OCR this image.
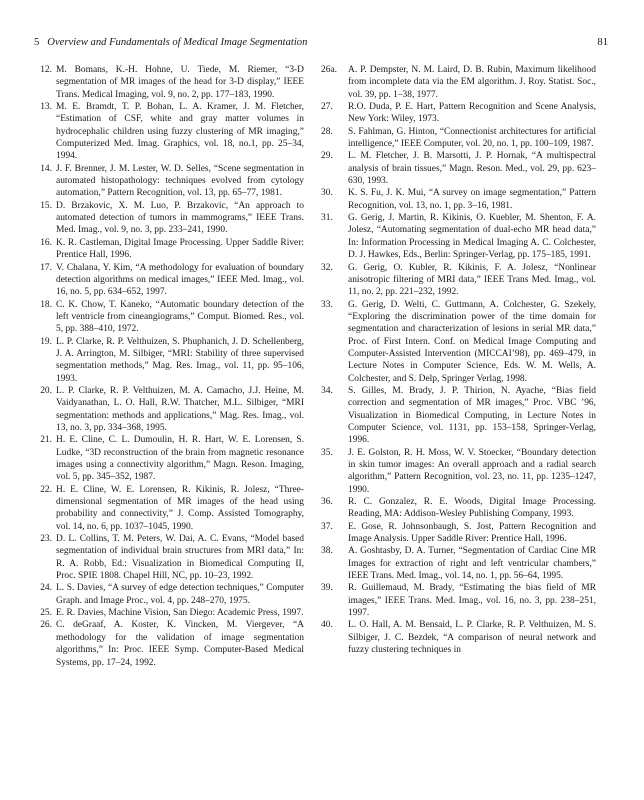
5 Overview and Fundamentals of Medical Image Segmentation	81

12. M. Bomans, K.-H. Hohne, U. Tiede, M. Riemer, “3-D segmentation of MR images of the head for 3-D display,” IEEE Trans. Medical Imaging, vol. 9, no. 2, pp. 177–183, 1990.

13. M. E. Bramdt, T. P. Bohan, L. A. Kramer, J. M. Fletcher, “Estimation of CSF, white and gray matter volumes in hydrocephalic children using fuzzy clustering of MR imaging,” Computerized Med. Imag. Graphics, vol. 18, no.1, pp. 25–34, 1994.

14. J. F. Brenner, J. M. Lester, W. D. Selles, “Scene segmentation in automated histopathology: techniques evolved from cytology automation,” Pattern Recognition, vol. 13, pp. 65–77, 1981.

15. D. Brzakovic, X. M. Luo, P. Brzakovic, “An approach to automated detection of tumors in mammograms,” IEEE Trans. Med. Imag., vol. 9, no. 3, pp. 233–241, 1990.

16. K. R. Castleman, Digital Image Processing. Upper Saddle River: Prentice Hall, 1996.

17. V. Chalana, Y. Kim, “A methodology for evaluation of boundary detection algorithms on medical images,” IEEE Med. Imag., vol. 16, no. 5, pp. 634–652, 1997.

18. C. K. Chow, T. Kaneko, “Automatic boundary detection of the left ventricle from cineangiograms,” Comput. Biomed. Res., vol. 5, pp. 388–410, 1972.

19. L. P. Clarke, R. P. Velthuizen, S. Phuphanich, J. D. Schellenberg, J. A. Arrington, M. Silbiger, “MRI: Stability of three supervised segmentation methods,” Mag. Res. Imag., vol. 11, pp. 95–106, 1993.

20. L. P. Clarke, R. P. Velthuizen, M. A. Camacho, J.J. Heine, M. Vaidyanathan, L. O. Hall, R.W. Thatcher, M.L. Silbiger, “MRI segmentation: methods and applications,” Mag. Res. Imag., vol. 13, no. 3, pp. 334–368, 1995.

21. H. E. Cline, C. L. Dumoulin, H. R. Hart, W. E. Lorensen, S. Ludke, “3D reconstruction of the brain from magnetic resonance images using a connectivity algorithm,” Magn. Reson. Imaging, vol. 5, pp. 345–352, 1987.

22. H. E. Cline, W. E. Lorensen, R. Kikinis, R. Jolesz, “Three-dimensional segmentation of MR images of the head using probability and connectivity,” J. Comp. Assisted Tomography, vol. 14, no. 6, pp. 1037–1045, 1990.

23. D. L. Collins, T. M. Peters, W. Dai, A. C. Evans, “Model based segmentation of individual brain structures from MRI data,” In: R. A. Robb, Ed.: Visualization in Biomedical Computing II, Proc. SPIE 1808. Chapel Hill, NC, pp. 10–23, 1992.

24. L. S. Davies, “A survey of edge detection techniques,” Computer Graph. and Image Proc., vol. 4, pp. 248–270, 1975.

25. E. R. Davies, Machine Vision, San Diego: Academic Press, 1997.

26. C. deGraaf, A. Koster, K. Vincken, M. Viergever, “A methodology for the validation of image segmentation algorithms,” In: Proc. IEEE Symp. Computer-Based Medical Systems, pp. 17–24, 1992.

26a.	A. P. Dempster, N. M. Laird, D. B. Rubin, Maximum likelihood from incomplete data via the EM algorithm. J. Roy. Statist. Soc., vol. 39, pp. 1–38, 1977.

27.	R.O. Duda, P. E. Hart, Pattern Recognition and Scene Analysis, New York: Wiley, 1973.

28.	S. Fahlman, G. Hinton, “Connectionist architectures for artificial intelligence,” IEEE Computer, vol. 20, no. 1, pp. 100–109, 1987.

29.	L. M. Fletcher, J. B. Marsotti, J. P. Hornak, “A multispectral analysis of brain tissues,” Magn. Reson. Med., vol. 29, pp. 623–630, 1993.

30.	K. S. Fu, J. K. Mui, “A survey on image segmentation,” Pattern Recognition, vol. 13, no. 1, pp. 3–16, 1981.

31.	G. Gerig, J. Martin, R. Kikinis, O. Kuebler, M. Shenton, F. A. Jolesz, “Automating segmentation of dual-echo MR head data,” In: Information Processing in Medical Imaging A. C. Colchester, D. J. Hawkes, Eds., Berlin: Springer-Verlag, pp. 175–185, 1991.

32.	G. Gerig, O. Kubler, R. Kikinis, F. A. Jolesz, “Nonlinear anisotropic filtering of MRI data,” IEEE Trans Med. Imag., vol. 11, no. 2, pp. 221–232, 1992.

33.	G. Gerig, D. Welti, C. Guttmann, A. Colchester, G. Szekely, “Exploring the discrimination power of the time domain for segmentation and characterization of lesions in serial MR data,” Proc. of First Intern. Conf. on Medical Image Computing and Computer-Assisted Intervention (MICCAI’98), pp. 469–479, in Lecture Notes in Computer Science, Eds. W. M. Wells, A. Colchester, and S. Delp, Springer Verlag, 1998.

34.	S. Gilles, M. Brady, J. P. Thirion, N. Ayache, “Bias field correction and segmentation of MR images,” Proc. VBC ’96, Visualization in Biomedical Computing, in Lecture Notes in Computer Science, vol. 1131, pp. 153–158, Springer-Verlag, 1996.

35.	J. E. Golston, R. H. Moss, W. V. Stoecker, “Boundary detection in skin tumor images: An overall approach and a radial search algorithm,” Pattern Recognition, vol. 23, no. 11, pp. 1235–1247, 1990.

36.	R. C. Gonzalez, R. E. Woods, Digital Image Processing. Reading, MA: Addison-Wesley Publishing Company, 1993.

37.	E. Gose, R. Johnsonbaugh, S. Jost, Pattern Recognition and Image Analysis. Upper Saddle River: Prentice Hall, 1996.

38.	A. Goshtasby, D. A. Turner, “Segmentation of Cardiac Cine MR Images for extraction of right and left ventricular chambers,” IEEE Trans. Med. Imag., vol. 14, no. 1, pp. 56–64, 1995.

39.	R. Guillemaud, M. Brady, “Estimating the bias field of MR images,” IEEE Trans. Med. Imag., vol. 16, no. 3, pp. 238–251, 1997.

40.	L. O. Hall, A. M. Bensaid, L. P. Clarke, R. P. Velthuizen, M. S. Silbiger, J. C. Bezdek, “A comparison of neural network and fuzzy clustering techniques in
